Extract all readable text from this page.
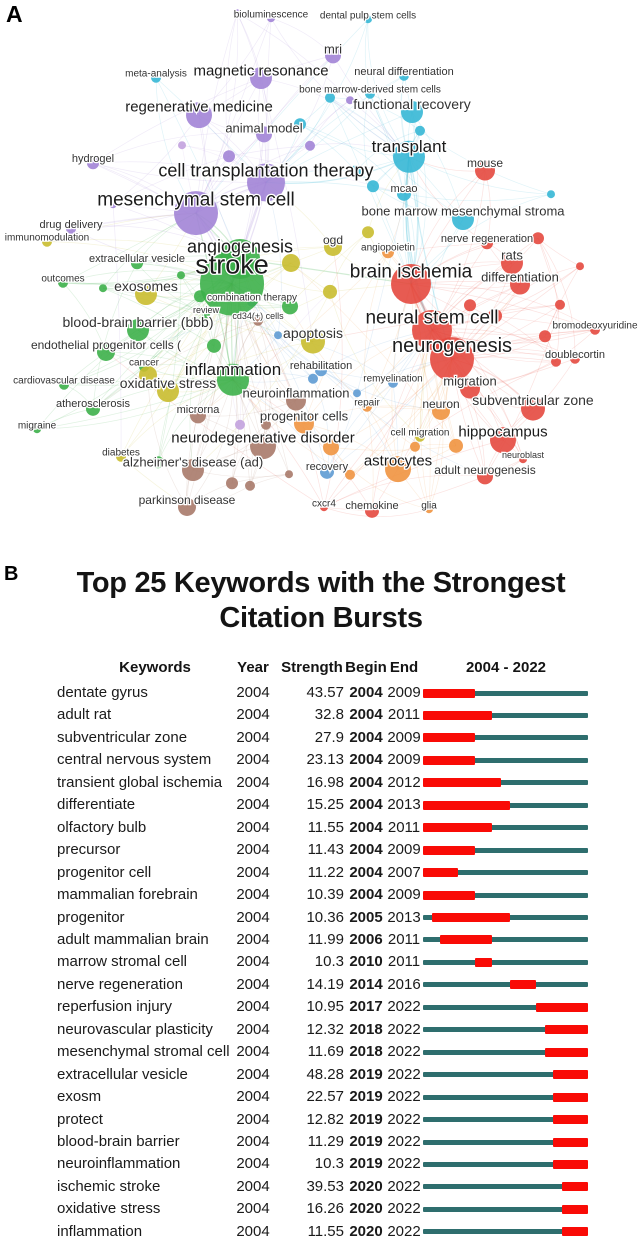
A
review
cd34(+) cells
neuroblast
bioluminescence dental pulp stem cells
meta-analysis
bone marrow-derived stem cells
immunomodulation
angiopoietin
outcomes
combination therapy
bromodeoxyuridine
cancer
remyelination
cardiovascular disease
repair
migraine
cell migration
diabetes
cxcr4	glia
neural differentiation
hydrogel
mcao
drug delivery
nerve regeneration
extracellular vesicle
doublecortin
rehabilitation
atherosclerosis	microrna
recovery
chemokine
mouse
ogd
endothelial progenitor cells (
neuron
adult neurogenesis
parkinson disease
mri
animal model
bone marrow mesenchymal stroma
rats
differentiation
migration
neuroinflammation
progenitor cells
alzheimer's disease (ad)
functional recovery
exosomes
blood-brain barrier (bbb)
apoptosis
oxidative stress
subventricular zone
magnetic resonance
regenerative medicine
hippocampus
neurodegenerative disorder
astrocytes
transplant
inflammation
cell transplantation therapy
angiogenesis
mesenchymal stem cell
brain ischemia
neural stem cell
neurogenesis
stroke
B	Top 25 Keywords with the Strongest
Citation Bursts
Keywords	Year Strength Begin End	2004 - 2022
dentate gyrus	2004 43.57 2004 2009
adult rat	2004	32.8 2004 2011
subventricular zone	2004	27.9 2004 2009
central nervous system 2004 23.13 2004 2009
transient global ischemia 2004 16.98 2004 2012
differentiate	2004 15.25 2004 2013
olfactory bulb	2004	11.55 2004 2011
precursor	2004	11.43 2004 2009
progenitor cell	2004	11.22 2004 2007
mammalian forebrain	2004 10.39 2004 2009
progenitor	2004 10.36 2005 2013
adult mammalian brain 2004	11.99 2006 2011
marrow stromal cell	2004	10.3 2010 2011
nerve regeneration	2004 14.19 2014 2016
reperfusion injury	2004 10.95 2017 2022
neurovascular plasticity 2004 12.32 2018 2022
mesenchymal stromal cell 2004	11.69 2018 2022
extracellular vesicle	2004 48.28 2019 2022
exosm	2004 22.57 2019 2022
protect	2004 12.82 2019 2022
blood-brain barrier	2004	11.29 2019 2022
neuroinflammation	2004	10.3 2019 2022
ischemic stroke	2004 39.53 2020 2022
oxidative stress	2004 16.26 2020 2022
inflammation	2004	11.55 2020 2022
